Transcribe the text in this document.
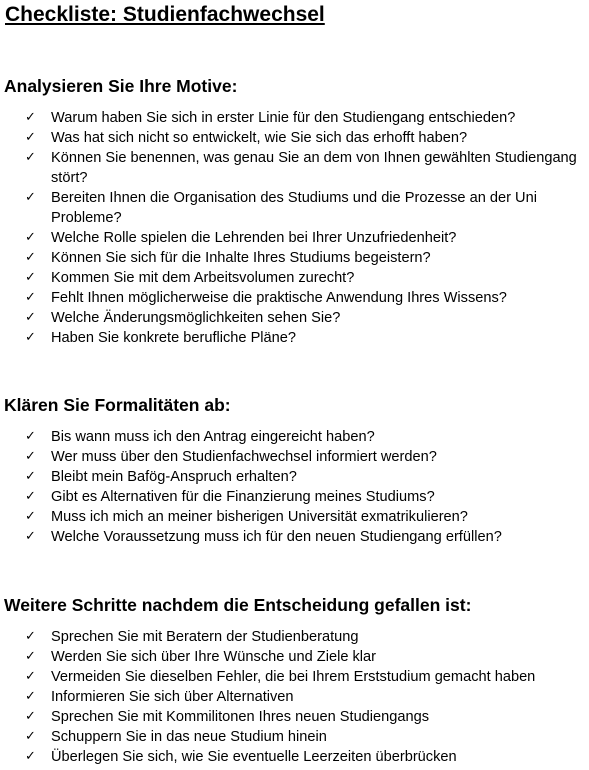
Checkliste: Studienfachwechsel
Analysieren Sie Ihre Motive:
✓ Warum haben Sie sich in erster Linie für den Studiengang entschieden?
✓ Was hat sich nicht so entwickelt, wie Sie sich das erhofft haben?
✓ Können Sie benennen, was genau Sie an dem von Ihnen gewählten Studiengang stört?
✓ Bereiten Ihnen die Organisation des Studiums und die Prozesse an der Uni Probleme?
✓ Welche Rolle spielen die Lehrenden bei Ihrer Unzufriedenheit?
✓ Können Sie sich für die Inhalte Ihres Studiums begeistern?
✓ Kommen Sie mit dem Arbeitsvolumen zurecht?
✓ Fehlt Ihnen möglicherweise die praktische Anwendung Ihres Wissens?
✓ Welche Änderungsmöglichkeiten sehen Sie?
✓ Haben Sie konkrete berufliche Pläne?
Klären Sie Formalitäten ab:
✓ Bis wann muss ich den Antrag eingereicht haben?
✓ Wer muss über den Studienfachwechsel informiert werden?
✓ Bleibt mein Bafög-Anspruch erhalten?
✓ Gibt es Alternativen für die Finanzierung meines Studiums?
✓ Muss ich mich an meiner bisherigen Universität exmatrikulieren?
✓ Welche Voraussetzung muss ich für den neuen Studiengang erfüllen?
Weitere Schritte nachdem die Entscheidung gefallen ist:
✓ Sprechen Sie mit Beratern der Studienberatung
✓ Werden Sie sich über Ihre Wünsche und Ziele klar
✓ Vermeiden Sie dieselben Fehler, die bei Ihrem Erststudium gemacht haben
✓ Informieren Sie sich über Alternativen
✓ Sprechen Sie mit Kommilitonen Ihres neuen Studiengangs
✓ Schuppern Sie in das neue Studium hinein
✓ Überlegen Sie sich, wie Sie eventuelle Leerzeiten überbrücken
